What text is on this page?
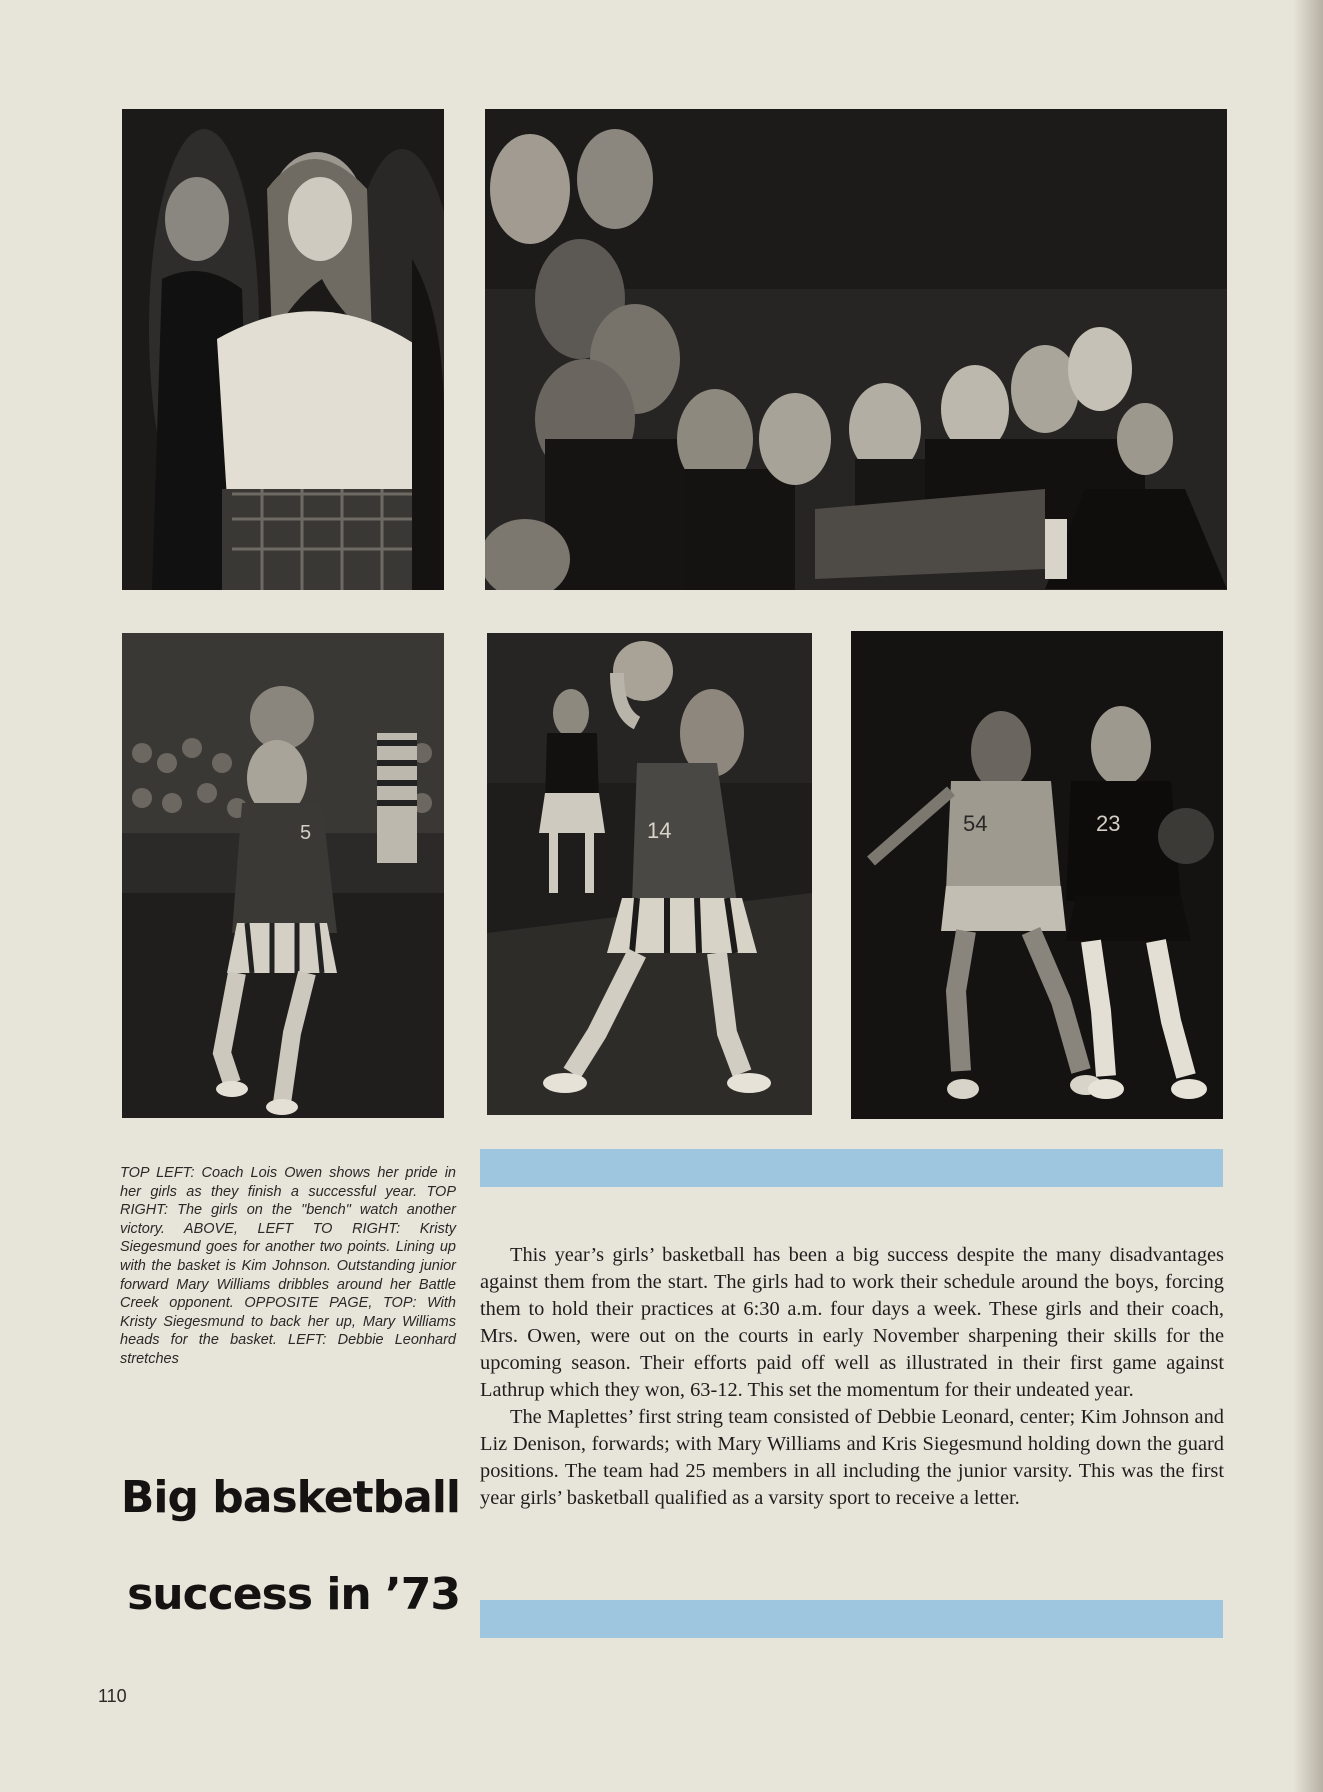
5	14	54	23
TOP LEFT: Coach Lois Owen shows her pride in her girls as they finish a successful year. TOP RIGHT: The girls on the "bench" watch another victory. ABOVE, LEFT TO RIGHT: Kristy Siegesmund goes for another two points. Lining up with the basket is Kim Johnson. Outstanding junior forward Mary Williams dribbles around her Battle Creek opponent. OPPOSITE PAGE, TOP: With Kristy Siegesmund to back her up, Mary Williams heads for the basket. LEFT: Debbie Leonhard stretches

This year’s girls’ basketball has been a big success despite the many disadvantages against them from the start. The girls had to work their schedule around the boys, forcing them to hold their practices at 6:30 a.m. four days a week. These girls and their coach, Mrs. Owen, were out on the courts in early November sharpening their skills for the upcoming season. Their efforts paid off well as illustrated in their first game against Lathrup which they won, 63-12. This set the momentum for their undeated year.

The Maplettes’ first string team consisted of Debbie Leonard, center; Kim Johnson and Liz Denison, forwards; with Mary Williams and Kris Siegesmund holding down the guard positions. The team had 25 members in all including the junior varsity. This was the first year girls’ basketball qualified as a varsity sport to receive a letter.

Big basketball
success in ’73
110
